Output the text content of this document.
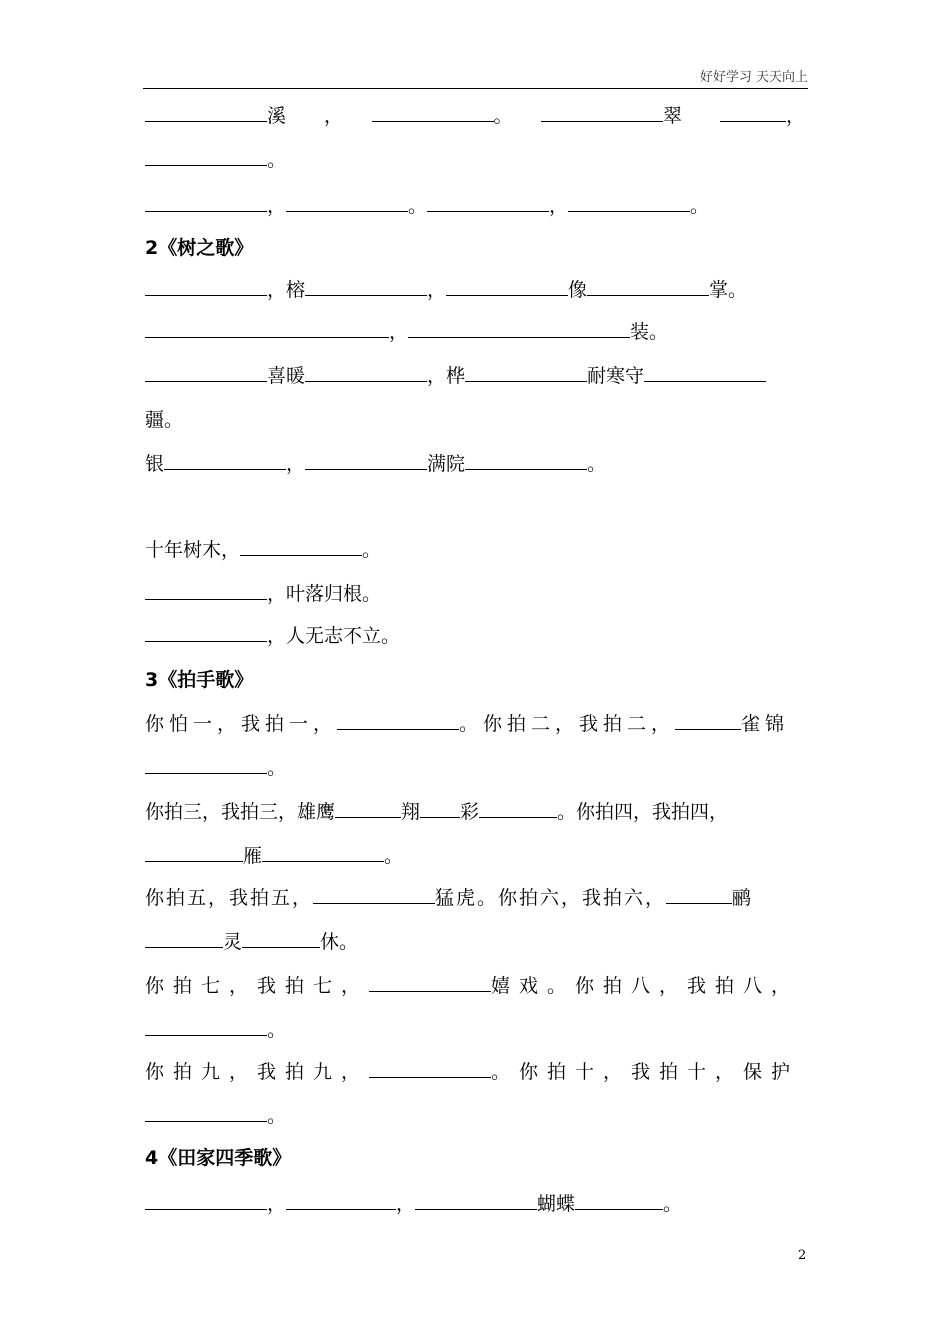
好好学习 天天向上
溪　　，　　	。　　	翠　　	，
。
，	。	，	。
2《树之歌》
，榕	，	像	掌。
，	装。
喜暖	，桦	耐寒守
疆。
银	，	满院	。
十年树木，	。
，叶落归根。
，人无志不立。
3《拍手歌》
你怕一，我拍一，	。你拍二，我拍二，	雀锦
。
你拍三，我拍三，雄鹰	翔 彩	。你拍四，我拍四，
雁	。
你拍五，我拍五，	猛虎。你拍六，我拍六，	鹂
灵	休。
你拍七，我拍七，	嬉戏。你拍八，我拍八，
。
你拍九，我拍九，	。你拍十，我拍十，保护
。
4《田家四季歌》
，	，	蝴蝶	。
2
